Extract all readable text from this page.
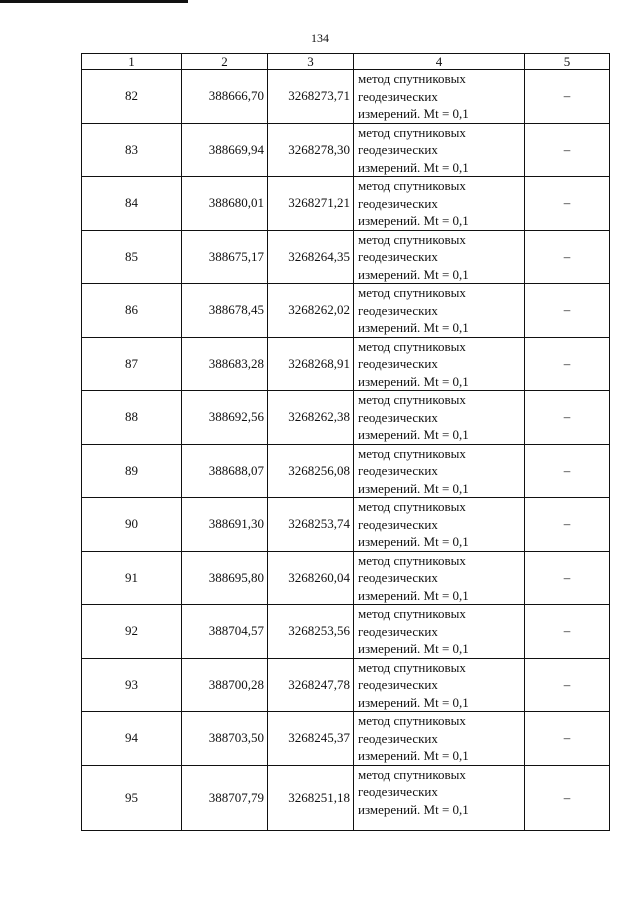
134
1	2	3	4	5
82	388666,70	3268273,71	метод спутниковых
геодезических
измерений. Mt = 0,1	–
83	388669,94	3268278,30	метод спутниковых
геодезических
измерений. Mt = 0,1	–
84	388680,01	3268271,21	метод спутниковых
геодезических
измерений. Mt = 0,1	–
85	388675,17	3268264,35	метод спутниковых
геодезических
измерений. Mt = 0,1	–
86	388678,45	3268262,02	метод спутниковых
геодезических
измерений. Mt = 0,1	–
87	388683,28	3268268,91	метод спутниковых
геодезических
измерений. Mt = 0,1	–
88	388692,56	3268262,38	метод спутниковых
геодезических
измерений. Mt = 0,1	–
89	388688,07	3268256,08	метод спутниковых
геодезических
измерений. Mt = 0,1	–
90	388691,30	3268253,74	метод спутниковых
геодезических
измерений. Mt = 0,1	–
91	388695,80	3268260,04	метод спутниковых
геодезических
измерений. Mt = 0,1	–
92	388704,57	3268253,56	метод спутниковых
геодезических
измерений. Mt = 0,1	–
93	388700,28	3268247,78	метод спутниковых
геодезических
измерений. Mt = 0,1	–
94	388703,50	3268245,37	метод спутниковых
геодезических
измерений. Mt = 0,1	–
95	388707,79	3268251,18	метод спутниковых
геодезических
измерений. Mt = 0,1	–
